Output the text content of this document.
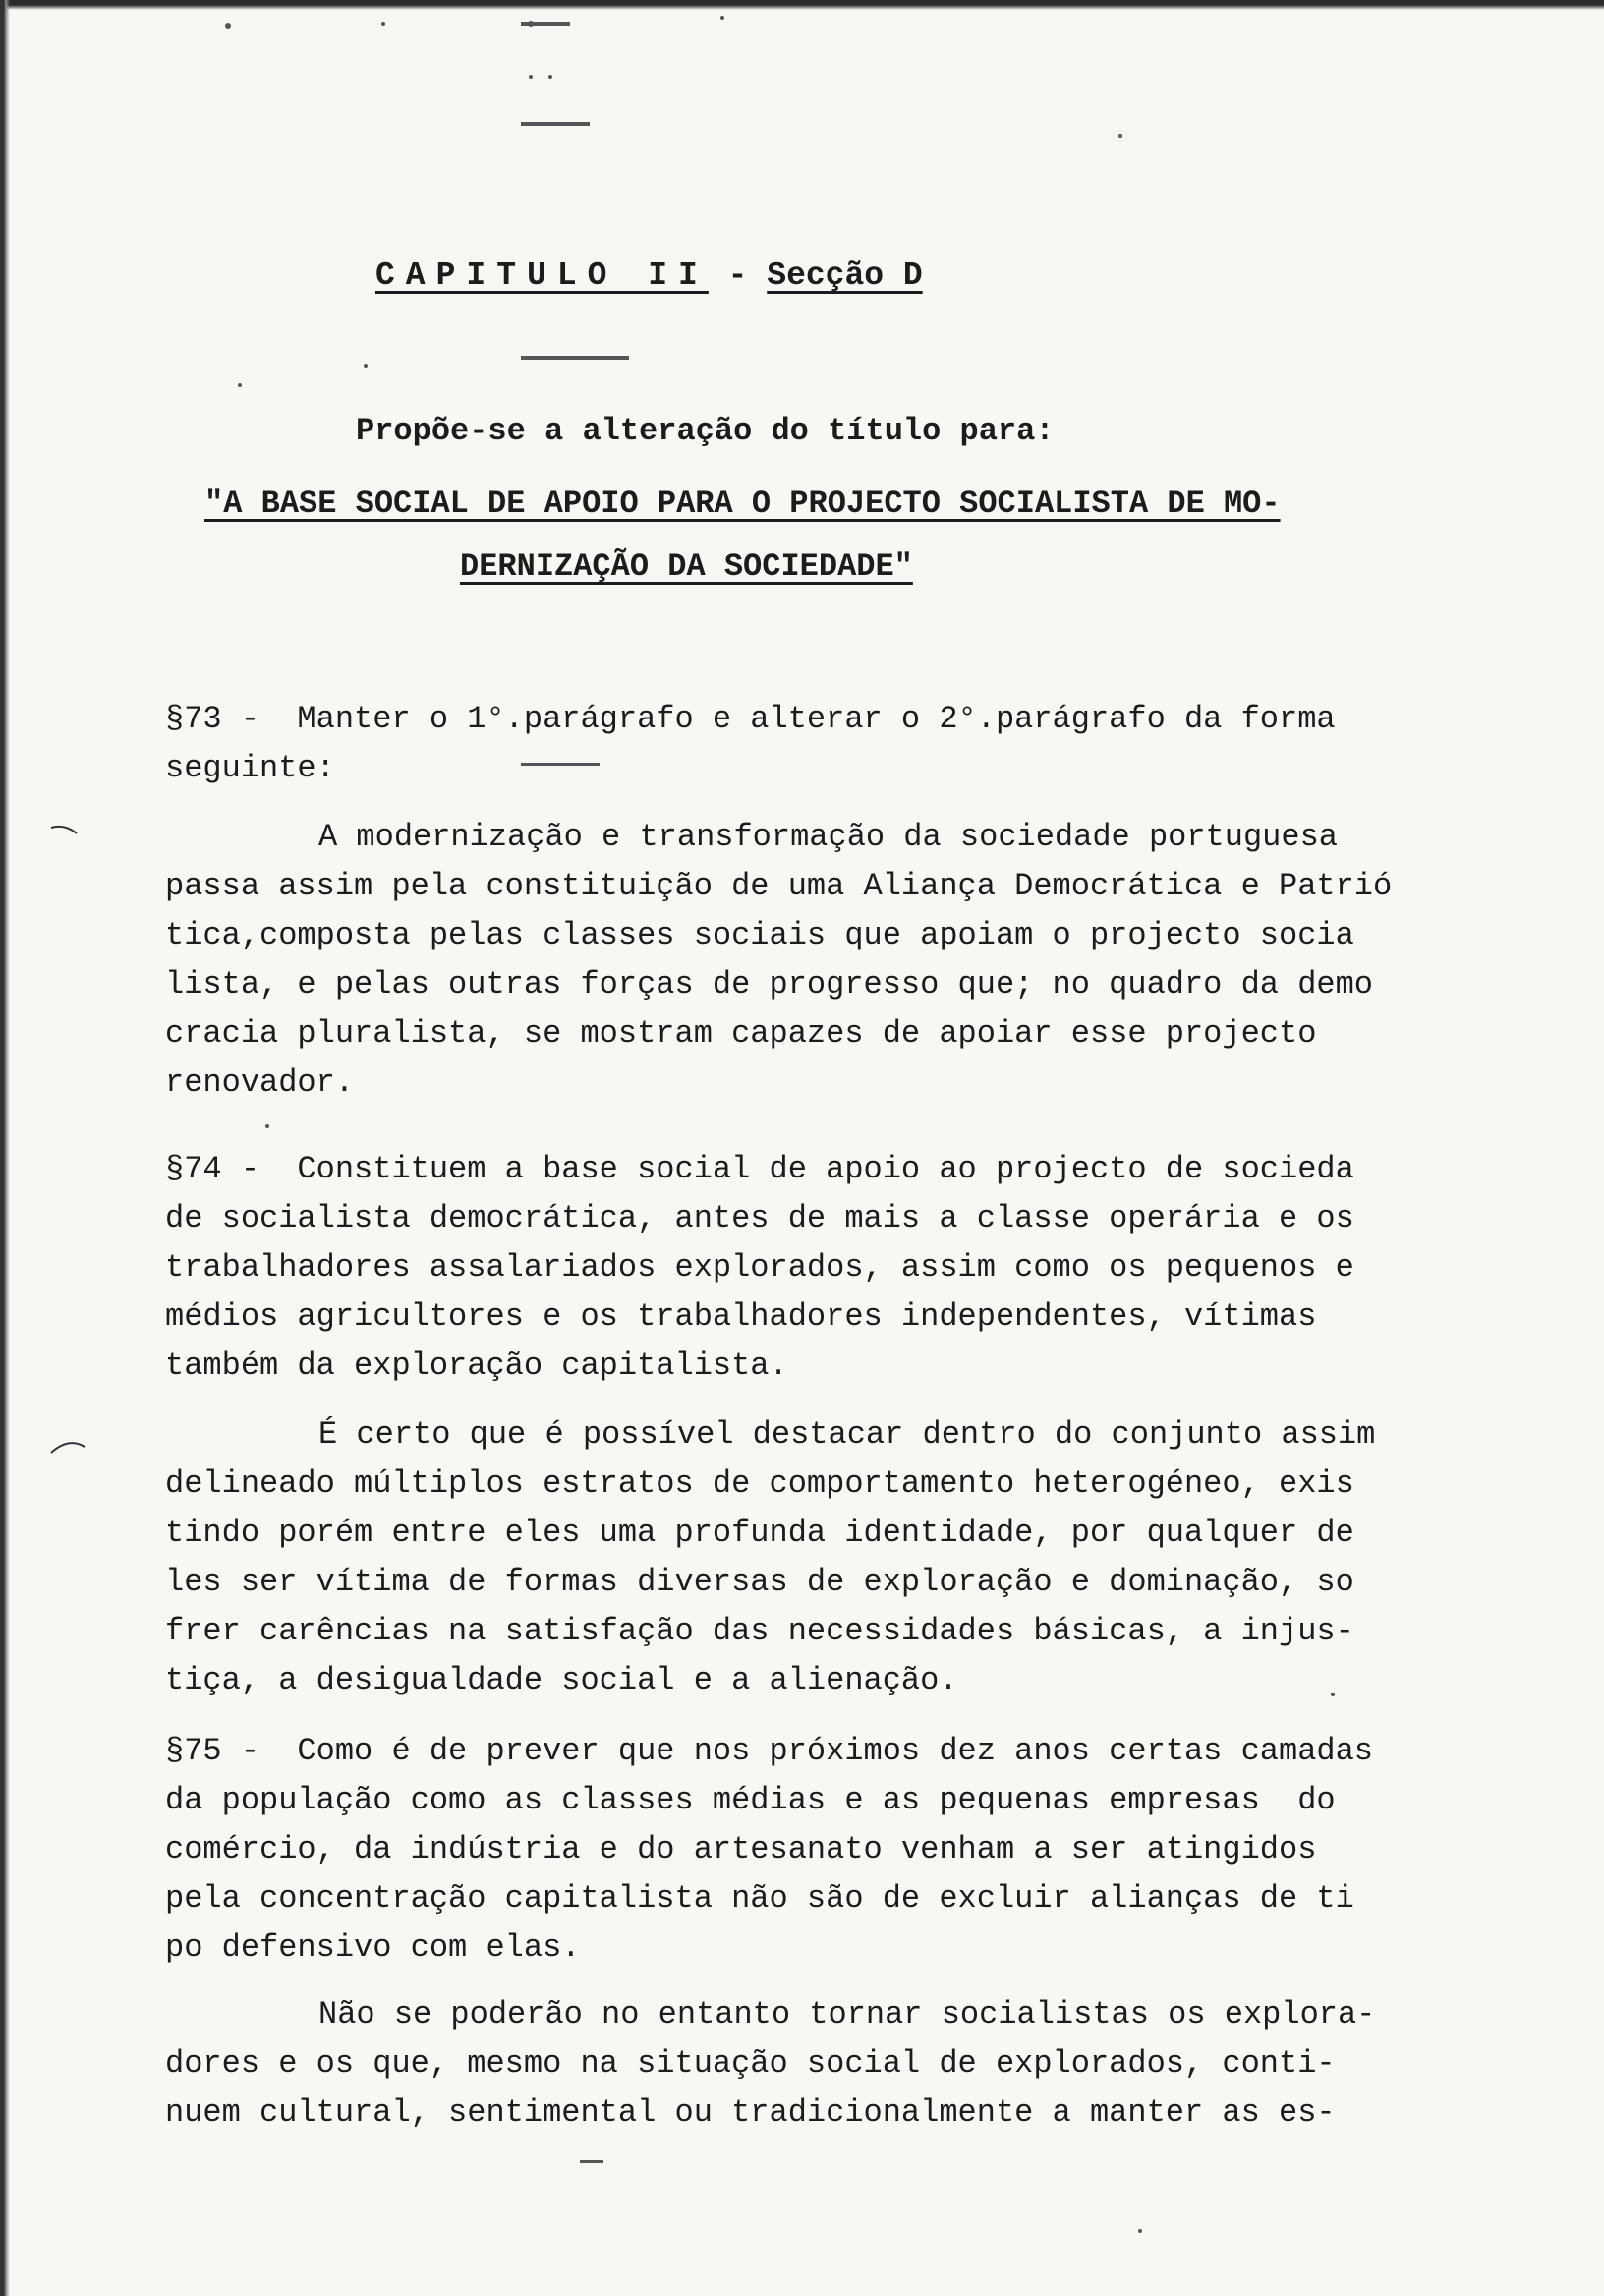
CAPITULO II - Secção D
Propõe-se a alteração do título para:
"A BASE SOCIAL DE APOIO PARA O PROJECTO SOCIALISTA DE MO-
DERNIZAÇÃO DA SOCIEDADE"
§73 -  Manter o 1°.parágrafo e alterar o 2°.parágrafo da forma
seguinte:
A modernização e transformação da sociedade portuguesa
passa assim pela constituição de uma Aliança Democrática e Patrió
tica,composta pelas classes sociais que apoiam o projecto socia
lista, e pelas outras forças de progresso que; no quadro da demo
cracia pluralista, se mostram capazes de apoiar esse projecto
renovador.
§74 -  Constituem a base social de apoio ao projecto de socieda
de socialista democrática, antes de mais a classe operária e os
trabalhadores assalariados explorados, assim como os pequenos e
médios agricultores e os trabalhadores independentes, vítimas
também da exploração capitalista.
É certo que é possível destacar dentro do conjunto assim
delineado múltiplos estratos de comportamento heterogéneo, exis
tindo porém entre eles uma profunda identidade, por qualquer de
les ser vítima de formas diversas de exploração e dominação, so
frer carências na satisfação das necessidades básicas, a injus-
tiça, a desigualdade social e a alienação.
§75 -  Como é de prever que nos próximos dez anos certas camadas
da população como as classes médias e as pequenas empresas  do
comércio, da indústria e do artesanato venham a ser atingidos
pela concentração capitalista não são de excluir alianças de ti
po defensivo com elas.
Não se poderão no entanto tornar socialistas os explora-
dores e os que, mesmo na situação social de explorados, conti-
nuem cultural, sentimental ou tradicionalmente a manter as es-
